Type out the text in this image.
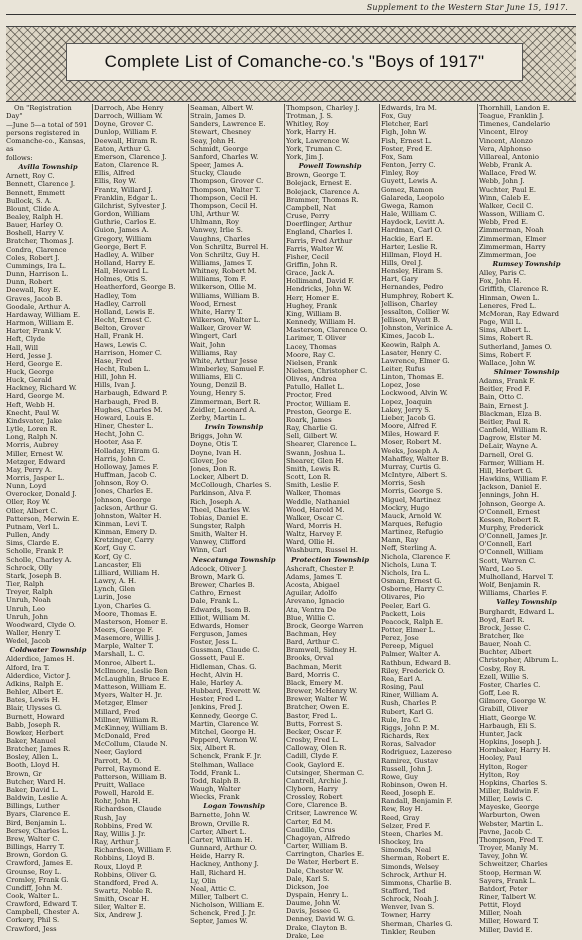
Supplement to the Western Star June 15, 1917.
Complete List of Comanche-co.'s "Boys of 1917"
On "Registration Day"
—June 5—a total of 591
persons registered in
Comanche-co., Kansas, as
follows:
Avilla Township
Arnett, Roy C.
Bennett, Clarence J.
Bennett, Emmett
Bullock, S. A.
Blount, Clide A.
Bealey, Ralph H.
Bauer, Harley O.
Boshell, Harry V.
Bratcher, Thomas J.
Condra, Clarence
Coles, Robert J.
Cummings, Ira L.
Dunn, Harrison L.
Dunn, Robert
Deewall, Roy E.
Graves, Jacob B.
Goodale, Arthur A.
Hardaway, William E.
Harmon, William E.
Harter, Frank V.
Heft, Clyde
Hall, Will
Herd, Jesse J.
Herd, George E.
Huck, George
Huck, Gerald
Hackney, Richard W.
Hard, George M.
Heft, Webb H.
Knecht, Paul W.
Kindsvater, Jake
Lytle, Loren R.
Long, Ralph N.
Morris, Aubrey
Miller, Ernest W.
Metzger, Edward
May, Perry A.
Morris, Jasper L.
Nunn, Loyd
Overocker, Donald J.
Oller, Roy W.
Oller, Albert C.
Patterson, Merwin E.
Putnam, Verl L.
Pullen, Andy
Sims, Clarde E.
Scholle, Frank P.
Scholle, Charley A.
Schrock, Olly
Stark, Joseph B.
Tier, Ralph
Treyer, Ralph
Unruh, Noah
Unruh, Leo
Unruh, John
Woodward, Clyde O.
Waller, Henry T.
Wedel, Jacob
Coldwater Township
Alderdice, James H.
Alford, Ira T.
Alderdice, Victor J.
Adkins, Ralph E.
Behler, Albert E.
Bates, Lewis H.
Blair, Ulysses G.
Burnett, Howard
Babb, Joseph R.
Bowker, Herbert
Baker, Manuel
Bratcher, James R.
Bosley, Allen L.
Booth, Lloyd H.
Brown, Gr
Butcher, Ward H.
Baker, David L.
Baldwin, Leslie A.
Billings, Luther
Byars, Clarence E.
Bird, Benjamin L.
Bersey, Charles L.
Brew, Walter C.
Billings, Harry T.
Brown, Gordon G.
Crawford, James E.
Grounse, Roy L.
Cromley, Frank G.
Cundiff, John M.
Cook, Walter L.
Crawford, Edward T.
Campbell, Chester A.
Corkery, Phil S.
Crawford, Jess
Darroch, Abe Henry
Darroch, William W.
Doyne, Grover C.
Dunlop, William F.
Deewall, Hiram R.
Eaton, Arthur G.
Emerson, Clarence J.
Eaton, Clarence R.
Ellis, Alfred
Ellis, Roy W.
Frantz, Willard J.
Franklin, Edgar L.
Gilchrist, Sylvester J.
Gordon, William
Guthrie, Carlos E.
Guion, James A.
Gregory, William
George, Bert F.
Hadley, A. Wilber
Holland, Harry E.
Hall, Howard L.
Holmes, Otis S.
Heatherford, George B.
Hadley, Tom
Hadley, Carroll
Holland, Lewis E.
Hecht, Ernest C.
Belton, Grover
Hall, Frank H.
Haws, Lewis C.
Harrison, Homer C.
Hase, Fred
Hecht, Ruben L.
Hill, John H.
Hills, Ivan J.
Harbaugh, Edward P.
Harbaugh, Fred B.
Hughes, Charles M.
Howard, Louis E.
Hiner, Chester L.
Hecht, John C.
Hooter, Asa F.
Holladay, Hiram G.
Harris, John C.
Holloway, James F.
Huffman, Jacob C.
Johnson, Roy O.
Jones, Charles E.
Johnson, George
Jackson, Arthur G.
Johnston, Walter H.
Kinman, Levi T.
Kinman, Emery D.
Kretzinger, Carry
Korf, Guy C.
Korf, Gy C.
Lancaster, Eli
Lilliard, William H.
Lawry, A. H.
Lynch, Glen
Lurin, Jose
Lyon, Charles G.
Moore, Thomas E.
Masterson, Homer E.
Meers, George F.
Masemore, Willis J.
Marple, Walter T.
Marshall, L. C.
Monroe, Albert L.
McIlmore, Leslie Ben
McLaughlin, Bruce E.
Matteson, William E.
Myers, Walter H. Jr.
Metzger, Elmer
Millard, Fred
Millner, William R.
McKinney, William B.
McDonald, Fred
McCollum, Claude N.
Neer, Gaylord
Parrott, M. O.
Perrel, Raymond E.
Patterson, William B.
Pruitt, Wallace
Powell, Harold E.
Rohr, John H.
Richardson, Claude
Rush, Jay
Robbins, Fred W.
Ray, Willis J. Jr.
Ray, Arthur J.
Richardson, William F.
Robbins, Lloyd B.
Roux, Lloyd P.
Robbins, Oliver G.
Standford, Fred A.
Swartz, Noble R.
Smith, Oscar H.
Siler, Walter E.
Six, Andrew J.
Seaman, Albert W.
Strain, James D.
Sanders, Lawrence E.
Stewart, Chesney
Seay, John H.
Schmidt, George
Sanford, Charles W.
Speer, James A.
Stucky, Claude
Thompson, Grover C.
Thompson, Walter T.
Thompson, Cecil H.
Thompson, Cecil H.
Uhl, Arthur W.
Uhlmann, Roy
Vanwey, Irlie S.
Vaughns, Charles
Von Schriltz, Burrel H.
Von Schriltz, Guy H.
Williams, James T.
Whitney, Robert M.
Williams, Tom F.
Wilkerson, Ollie M.
Williams, William B.
Wood, Ernest
White, Harry T.
Wilkerson, Walter L.
Walker, Grover W.
Wingert, Carl
Wait, John
Williams, Ray
White, Arthur Jesse
Wimberley, Samuel F.
Williams, Eli C.
Young, Denzil B.
Young, Henry S.
Zimmerman, Bert R.
Zeidler, Leonard A.
Zerby, Martin L.
Irwin Township
Briggs, John W.
Doyne, Otis T.
Doyne, Ivan H.
Glover, Joe
Jones, Don R.
Locker, Albert D.
McCollough, Charles S.
Parkinson, Alva F.
Rich, Joseph A.
Theel, Charles W.
Tobias, Daniel E.
Sungster, Ralph
Smith, Walter H.
Vanwey, Clifford
Winn, Carl
Nescatunga Township
Adcock, Oliver J.
Brown, Mark G.
Brewer, Charles B.
Cathro, Ernest
Dale, Frank L.
Edwards, Isom B.
Elliot, William M.
Edwards, Homer
Ferguson, James
Foster, Jess L.
Gussman, Claude C.
Gossett, Paul E.
Hidleman, Chas. G.
Hecht, Alvin H.
Hale, Harley A.
Hubbard, Everett W.
Hester, Fred L.
Jenkins, Fred J.
Kennedy, George C.
Martin, Clarence W.
Mitchel, George H.
Pepperd, Vernon W.
Six, Albert R.
Schenck, Frank F. Jr.
Stelhman, Wallace
Todd, Frank L.
Todd, Ralph B.
Waugh, Walter
Wiecks, Frank
Logan Township
Barnette, John W.
Brown, Orville R.
Carter, Albert L.
Carter, William H.
Gunnard, Arthur O.
Heide, Harry R.
Hackney, Anthony J.
Hall, Richard H.
Ly, Olin
Neal, Attic C.
Miller, Talbert C.
Nicholson, William E.
Schenck, Fred J. Jr.
Septer, James W.
Thompson, Charley J.
Trotman, J. S.
Whitley, Roy
York, Harry H.
York, Lawrence W.
York, Truman C.
York, Jim J.
Powell Township
Brown, George T.
Bolejack, Ernest E.
Bolejack, Clarence A.
Brammer, Thomas R.
Campbell, Nat
Cruse, Perry
Doerflinger, Arthur
England, Charles I.
Farris, Fred Arthur
Farris, Walter W.
Fisher, Cecil
Griffin, John R.
Grace, Jack A.
Hollimand, David F.
Hendricks, John W.
Herr, Homer E.
Hughey, Frank
King, William B.
Kennedy, William H.
Masterson, Clarence O.
Larimer, T. Oliver
Lacey, Thomas
Moore, Ray C.
Nielsen, Frank
Nielsen, Christopher C.
Olives, Andrea
Patullo, Hallet L.
Proctor, Fred
Proctor, William E.
Preston, George E.
Roark, James
Ray, Charlie G.
Sell, Gilbert W.
Shearer, Clarence L.
Swann, Joshua L.
Shearer, Glen H.
Smith, Lewis R.
Scott, Lon R.
Smith, Leslie F.
Walker, Thomas
Weddle, Nathaniel
Wood, Harold M.
Walker, Oscar C.
Ward, Morris H.
Waltz, Harvey F.
Ward, Ollie H.
Washburn, Russel H.
Protection Township
Ashcraft, Chester P.
Adams, James T.
Acosta, Abigael
Aguilar, Adolfo
Arevano, Ignacio
Ata, Ventra De
Blue, Willie C.
Brock, George Warren
Bachman, Hey
Bard, Arthur C.
Bramwell, Sidney H.
Brooks, Orval
Bachman, Merit
Bard, Morris C.
Black, Emery M.
Brewer, McHenry W.
Brewer, Walter W.
Bratcher, Owen E.
Bastor, Fred L.
Butts, Forrest S.
Becker, Oscar F.
Crosby, Fred L.
Calloway, Olen R.
Cadill, Clyde F.
Cook, Gaylord E.
Cutsinger, Sherman C.
Cantrell, Archie J.
Clyborn, Harry
Crossley, Robert
Core, Clarence B.
Critser, Lawrence W.
Carter, Ed M.
Caudillo, Crus
Chagoyan, Alfredo
Carter, William B.
Carrington, Charles E.
De Water, Herbert E.
Dale, Chester W.
Dale, Karl S.
Dickson, Joe
Dyspain, Henry L.
Daume, John W.
Davis, Jessee G.
Denney, David W. G.
Drake, Clayton B.
Drake, Lee
Edwards, Ira M.
Fox, Guy
Fletcher, Earl
Figh, John W.
Fish, Ernest L.
Foster, Fred E.
Fox, Sam
Fenton, Jerry C.
Finley, Roy
Guyett, Lewis A.
Gomez, Ramon
Galareda, Leopolo
Gwega, Ramon
Hale, William C.
Haydock, Levitt A.
Hardman, Carl O.
Hackie, Earl E.
Harter, Leslie R.
Hillman, Floyd H.
Hills, Orel J.
Hensley, Hiram S.
Hart, Gary
Hernandes, Pedro
Humphrey, Robert K.
Jellison, Charley
Jessalton, Collier W.
Jellison, Wyatt B.
Johnston, Verinice A.
Kimes, Jacob L.
Keowin, Ralph A.
Lasater, Henry C.
Lawrence, Elmer G.
Leiter, Rufus
Linton, Thomas E.
Lopez, Jose
Lockwood, Alvin W.
Lopez, Joaquin
Lakey, Jerry S.
Lieber, Jacob G.
Moore, Alfred F.
Miles, Howard F.
Moser, Robert M.
Weeks, Joseph A.
Mahaffey, Walter B.
Murray, Curtis G.
McIntyre, Albert S.
Morris, Sesh
Morris, George S.
Miguel, Martinez
Mockry, Hugo
Mauck, Arnold W.
Marques, Refugio
Martinez, Refugio
Mann, Ray
Neff, Sterling A.
Nichola, Clarence F.
Nichols, Luna T.
Nichols, Ira L.
Osman, Ernest G.
Osborne, Harry C.
Olivares, Pio
Peeler, Earl G.
Packett, Lois
Peacock, Ralph E.
Potter, Elmer L.
Perez, Jose
Pereep, Miguel
Palmer, Walter A.
Rathbun, Edward B.
Riley, Frederick O.
Rea, Earl A.
Rosing, Paul
Riner, William A.
Rush, Charles P.
Rubert, Karl G.
Rule, Ira C.
Riggs, John P. M.
Richards, Rex
Roras, Salvador
Rodriguez, Lazereso
Ramirez, Gustav
Russell, John J.
Rowe, Guy
Robinson, Owen H.
Reed, Joseph E.
Randall, Benjamin F.
Rew, Roy H.
Reed, Gray
Selzer, Fred F.
Steen, Charles M.
Shockey, Ira
Simonds, Neal
Sherman, Robert E.
Simonds, Welsey
Schrock, Arthur H.
Simmons, Charlie B.
Stafford, Ted
Schrock, Noah J.
Wenver, Ivan S.
Towner, Harry
Sherman, Charles G.
Tinkler, Reuben
Thornhill, Landon E.
Teague, Franklin J.
Timenes, Candelario
Vincent, Elroy
Vincent, Alonzo
Vera, Alphonso
Villareal, Antonio
Webb, Frank A.
Wallace, Fred W.
Webb, John J.
Wuchter, Paul E.
Winn, Caleb E.
Walker, Cecil C.
Wasson, William C.
Webb, Fred E.
Zimmerman, Noah
Zimmerman, Elmer
Zimmerman, Harry
Zimmerman, Joe
Rumsey Township
Alley, Paris C.
Fox, John H.
Griffith, Clarence R.
Hinman, Owen L.
Leneres, Fred L.
McMoran, Ray Edward
Page, Will L.
Sims, Albert L.
Sims, Robert R.
Sutherland, James O.
Sims, Robert F.
Wallace, John W.
Shimer Township
Adams, Frank F.
Beitler, Fred F.
Bain, Otto C.
Bain, Ernest J.
Blackman, Elza B.
Beitler, Paul R.
Canfield, William R.
Dagrow, Elster M.
DeLair, Wayne A.
Darnell, Orel G.
Farmer, William H.
Hill, Herbert G.
Hawkins, William F.
Jackson, Daniel E.
Jennings, John H.
Johnson, George A.
O'Connell, Ernest
Kessen, Robert R.
Murphy, Frederick
O'Connell, James Jr.
O'Connell, Earl
O'Connell, William
Scott, Warren C.
Ward, Leo S.
Mulholland, Harvel T.
Wolf, Benjamin R.
Williams, Charles F.
Valley Township
Burghardt, Edward L.
Boyd, Earl R.
Brock, Jesse C.
Bratcher, Ike
Bauer, Noah C.
Buchter, Albert
Christopher, Albrum L.
Cosby, Roy R.
Ezell, Willie S.
Foster, Charles C.
Goff, Lee R.
Gilmore, George W.
Grabill, Oliver
Hiatt, George W.
Harbaugh, Eli S.
Hunter, Jack
Hopkins, Joseph J.
Hornbaker, Harry H.
Hooley, Paul
Hylton, Roger
Hylton, Roy
Hopkins, Charles S.
Miller, Baldwin F.
Miller, Lewis C.
Mayeske, George
Warburton, Owen
Webster, Martin L.
Pavne, Jacob C.
Thompson, Fred T.
Troyer, Manly M.
Tavey, John W.
Schweitzer, Charles
Stoop, Herman W.
Sayers, Frank L.
Batdorf, Peter
Riner, Talbert W.
Pettit, Floyd
Miller, Noah
Miller, Howard T.
Miller, David E.
